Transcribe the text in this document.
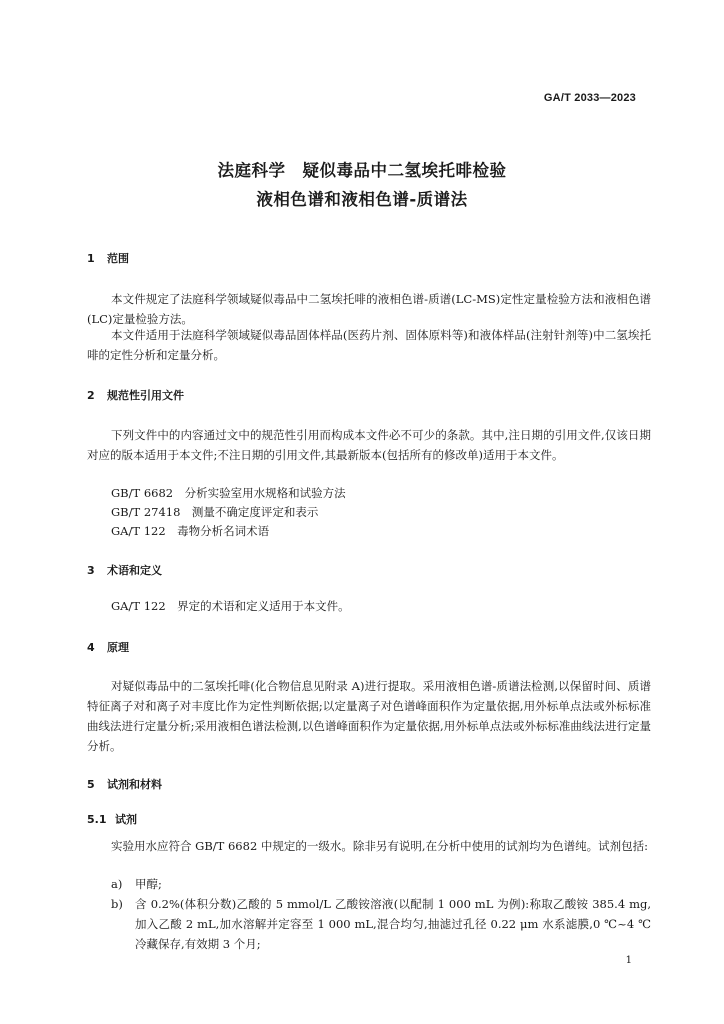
GA/T 2033—2023
法庭科学　疑似毒品中二氢埃托啡检验
液相色谱和液相色谱-质谱法
1 范围
本文件规定了法庭科学领域疑似毒品中二氢埃托啡的液相色谱-质谱(LC-MS)定性定量检验方法和液相色谱(LC)定量检验方法。
本文件适用于法庭科学领域疑似毒品固体样品(医药片剂、固体原料等)和液体样品(注射针剂等)中二氢埃托啡的定性分析和定量分析。
2 规范性引用文件
下列文件中的内容通过文中的规范性引用而构成本文件必不可少的条款。其中,注日期的引用文件,仅该日期对应的版本适用于本文件;不注日期的引用文件,其最新版本(包括所有的修改单)适用于本文件。
GB/T 6682　分析实验室用水规格和试验方法
GB/T 27418　测量不确定度评定和表示
GA/T 122　毒物分析名词术语
3 术语和定义
GA/T 122　界定的术语和定义适用于本文件。
4 原理
对疑似毒品中的二氢埃托啡(化合物信息见附录 A)进行提取。采用液相色谱-质谱法检测,以保留时间、质谱特征离子对和离子对丰度比作为定性判断依据;以定量离子对色谱峰面积作为定量依据,用外标单点法或外标标准曲线法进行定量分析;采用液相色谱法检测,以色谱峰面积作为定量依据,用外标单点法或外标标准曲线法进行定量分析。
5 试剂和材料
5.1 试剂
实验用水应符合 GB/T 6682 中规定的一级水。除非另有说明,在分析中使用的试剂均为色谱纯。试剂包括:
a)	甲醇;
b)	含 0.2%(体积分数)乙酸的 5 mmol/L 乙酸铵溶液(以配制 1 000 mL 为例):称取乙酸铵 385.4 mg,加入乙酸 2 mL,加水溶解并定容至 1 000 mL,混合均匀,抽滤过孔径 0.22 μm 水系滤膜,0 ℃~4 ℃冷藏保存,有效期 3 个月;
1
